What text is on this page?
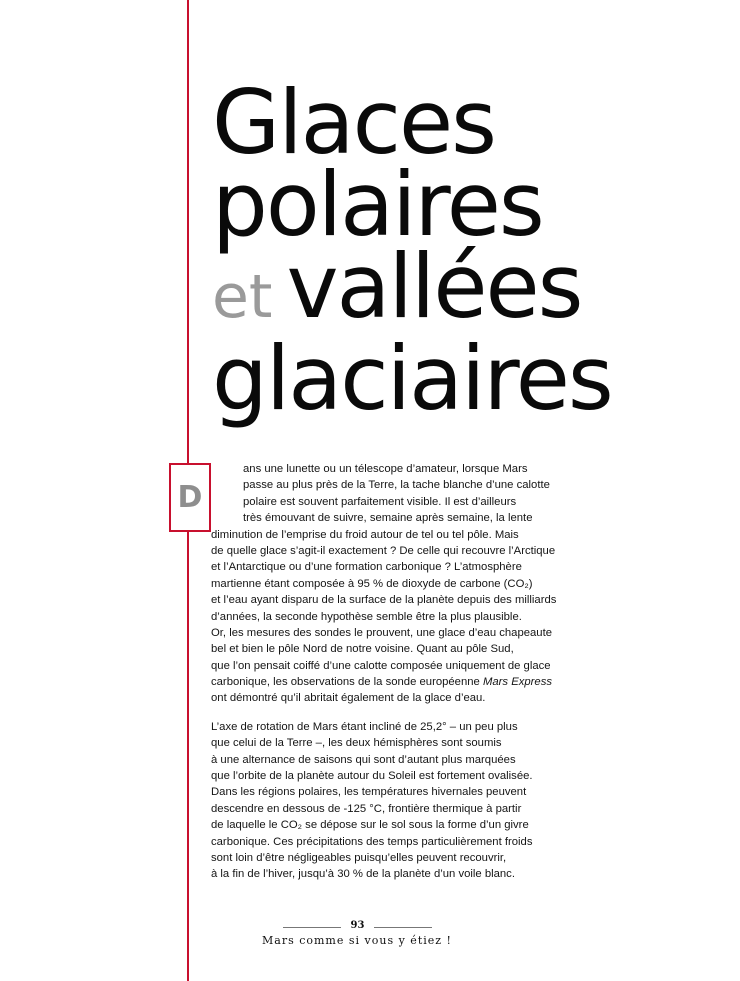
Glaces
polaires
et vallées
glaciaires
D
ans une lunette ou un télescope d’amateur, lorsque Mars
passe au plus près de la Terre, la tache blanche d’une calotte
polaire est souvent parfaitement visible. Il est d’ailleurs
très émouvant de suivre, semaine après semaine, la lente
diminution de l’emprise du froid autour de tel ou tel pôle. Mais
de quelle glace s’agit-il exactement ? De celle qui recouvre l’Arctique
et l’Antarctique ou d’une formation carbonique ? L’atmosphère
martienne étant composée à 95 % de dioxyde de carbone (CO₂)
et l’eau ayant disparu de la surface de la planète depuis des milliards
d’années, la seconde hypothèse semble être la plus plausible.
Or, les mesures des sondes le prouvent, une glace d’eau chapeaute
bel et bien le pôle Nord de notre voisine. Quant au pôle Sud,
que l’on pensait coiffé d’une calotte composée uniquement de glace
carbonique, les observations de la sonde européenne Mars Express
ont démontré qu’il abritait également de la glace d’eau.
L’axe de rotation de Mars étant incliné de 25,2° – un peu plus
que celui de la Terre –, les deux hémisphères sont soumis
à une alternance de saisons qui sont d’autant plus marquées
que l’orbite de la planète autour du Soleil est fortement ovalisée.
Dans les régions polaires, les températures hivernales peuvent
descendre en dessous de -125 °C, frontière thermique à partir
de laquelle le CO₂ se dépose sur le sol sous la forme d’un givre
carbonique. Ces précipitations des temps particulièrement froids
sont loin d’être négligeables puisqu’elles peuvent recouvrir,
à la fin de l’hiver, jusqu’à 30 % de la planète d’un voile blanc.
93
Mars comme si vous y étiez !
